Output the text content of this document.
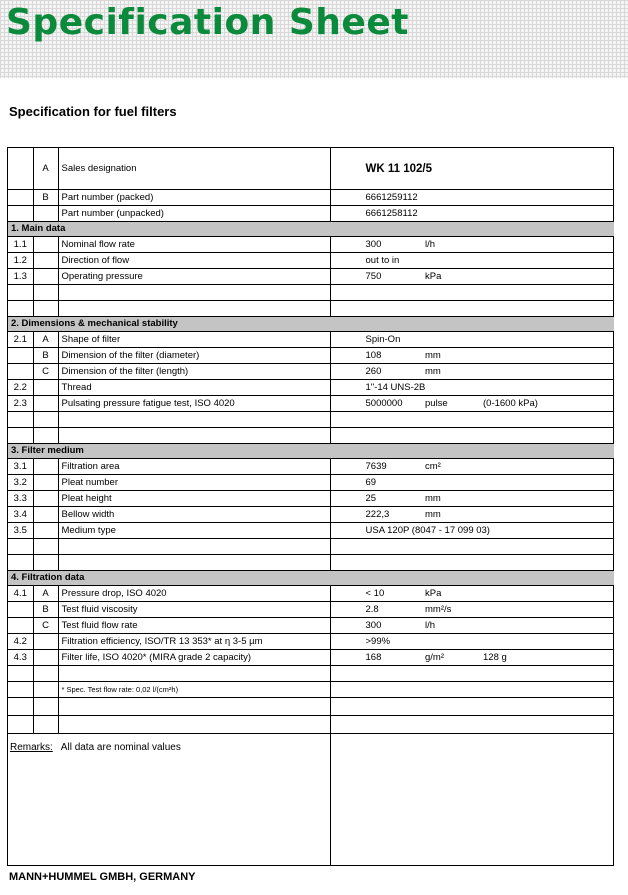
Specification Sheet
Specification for fuel filters
	A	Sales designation	WK 11 102/5		
	B	Part number (packed)	6661259112		
		Part number (unpacked)	6661258112		
1. Main data					
1.1		Nominal flow rate	300	l/h	
1.2		Direction of flow	out to in		
1.3		Operating pressure	750	kPa	

2. Dimensions & mechanical stability					
2.1	A	Shape of filter	Spin-On		
	B	Dimension of the filter (diameter)	108	mm	
	C	Dimension of the filter (length)	260	mm	
2.2		Thread	1"-14 UNS-2B		
2.3		Pulsating pressure fatigue test, ISO 4020	5000000	pulse	(0-1600 kPa)

3. Filter medium					
3.1		Filtration area	7639	cm²	
3.2		Pleat number	69		
3.3		Pleat height	25	mm	
3.4		Bellow width	222,3	mm	
3.5		Medium type	USA 120P (8047 - 17 099 03)		

4. Filtration data					
4.1	A	Pressure drop, ISO 4020	< 10	kPa	
	B	Test fluid viscosity	2.8	mm²/s	
	C	Test fluid flow rate	300	l/h	
4.2		Filtration efficiency, ISO/TR 13 353* at η 3-5 µm	>99%		
4.3		Filter life, ISO 4020* (MIRA grade 2 capacity)	168	g/m²	128 g

		* Spec. Test flow rate: 0,02 l/(cm²h)			

Remarks: All data are nominal values
MANN+HUMMEL GMBH, GERMANY
